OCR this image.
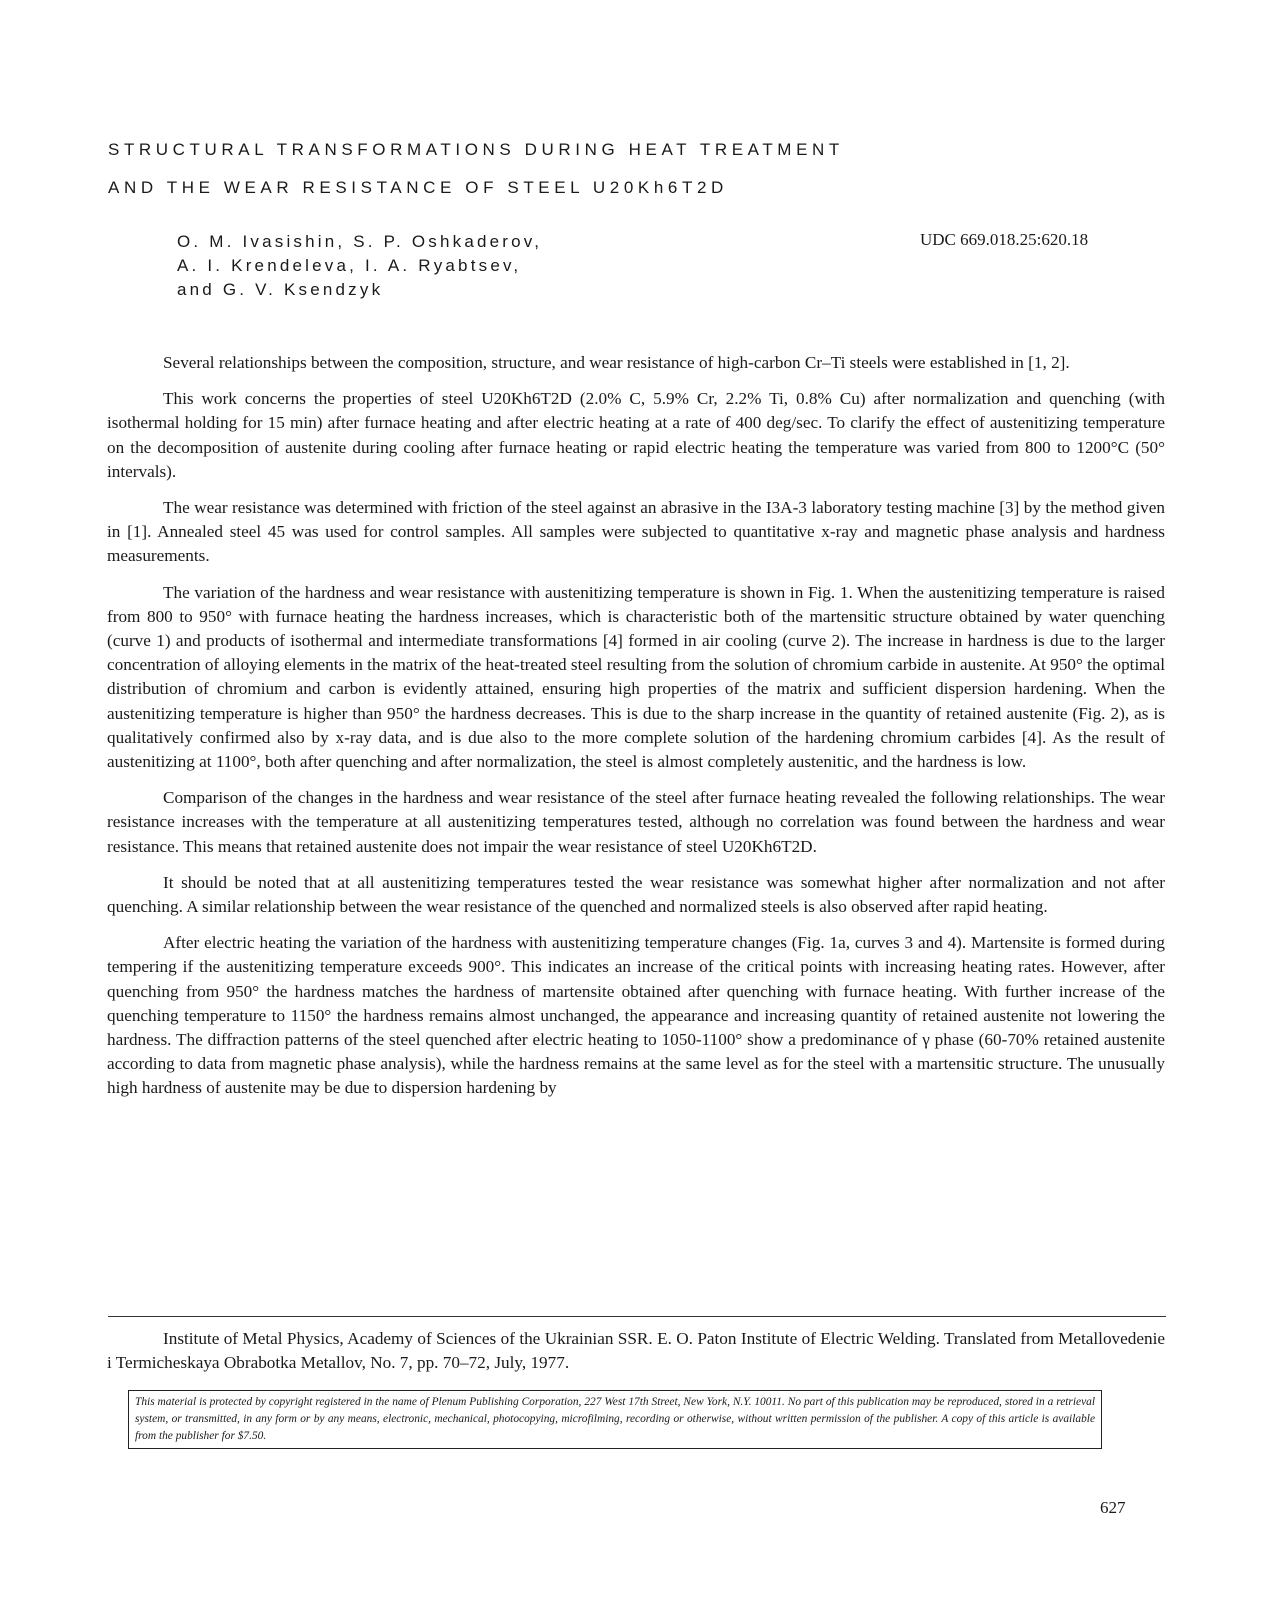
STRUCTURAL TRANSFORMATIONS DURING HEAT TREATMENT
AND THE WEAR RESISTANCE OF STEEL U20Kh6T2D
O. M. Ivasishin, S. P. Oshkaderov,
A. I. Krendeleva, I. A. Ryabtsev,
and G. V. Ksendzyk
UDC 669.018.25:620.18

Several relationships between the composition, structure, and wear resistance of high-carbon Cr–Ti steels were established in [1, 2].

This work concerns the properties of steel U20Kh6T2D (2.0% C, 5.9% Cr, 2.2% Ti, 0.8% Cu) after normalization and quenching (with isothermal holding for 15 min) after furnace heating and after electric heating at a rate of 400 deg/sec. To clarify the effect of austenitizing temperature on the decomposition of austenite during cooling after furnace heating or rapid electric heating the temperature was varied from 800 to 1200°C (50° intervals).

The wear resistance was determined with friction of the steel against an abrasive in the I3A-3 laboratory testing machine [3] by the method given in [1]. Annealed steel 45 was used for control samples. All samples were subjected to quantitative x-ray and magnetic phase analysis and hardness measurements.

The variation of the hardness and wear resistance with austenitizing temperature is shown in Fig. 1. When the austenitizing temperature is raised from 800 to 950° with furnace heating the hardness increases, which is characteristic both of the martensitic structure obtained by water quenching (curve 1) and products of isothermal and intermediate transformations [4] formed in air cooling (curve 2). The increase in hardness is due to the larger concentration of alloying elements in the matrix of the heat-treated steel resulting from the solution of chromium carbide in austenite. At 950° the optimal distribution of chromium and carbon is evidently attained, ensuring high properties of the matrix and sufficient dispersion hardening. When the austenitizing temperature is higher than 950° the hardness decreases. This is due to the sharp increase in the quantity of retained austenite (Fig. 2), as is qualitatively confirmed also by x-ray data, and is due also to the more complete solution of the hardening chromium carbides [4]. As the result of austenitizing at 1100°, both after quenching and after normalization, the steel is almost completely austenitic, and the hardness is low.

Comparison of the changes in the hardness and wear resistance of the steel after furnace heating revealed the following relationships. The wear resistance increases with the temperature at all austenitizing temperatures tested, although no correlation was found between the hardness and wear resistance. This means that retained austenite does not impair the wear resistance of steel U20Kh6T2D.

It should be noted that at all austenitizing temperatures tested the wear resistance was somewhat higher after normalization and not after quenching. A similar relationship between the wear resistance of the quenched and normalized steels is also observed after rapid heating.

After electric heating the variation of the hardness with austenitizing temperature changes (Fig. 1a, curves 3 and 4). Martensite is formed during tempering if the austenitizing temperature exceeds 900°. This indicates an increase of the critical points with increasing heating rates. However, after quenching from 950° the hardness matches the hardness of martensite obtained after quenching with furnace heating. With further increase of the quenching temperature to 1150° the hardness remains almost unchanged, the appearance and increasing quantity of retained austenite not lowering the hardness. The diffraction patterns of the steel quenched after electric heating to 1050-1100° show a predominance of γ phase (60-70% retained austenite according to data from magnetic phase analysis), while the hardness remains at the same level as for the steel with a martensitic structure. The unusually high hardness of austenite may be due to dispersion hardening by

Institute of Metal Physics, Academy of Sciences of the Ukrainian SSR. E. O. Paton Institute of Electric Welding. Translated from Metallovedenie i Termicheskaya Obrabotka Metallov, No. 7, pp. 70–72, July, 1977.
This material is protected by copyright registered in the name of Plenum Publishing Corporation, 227 West 17th Street, New York, N.Y. 10011. No part of this publication may be reproduced, stored in a retrieval system, or transmitted, in any form or by any means, electronic, mechanical, photocopying, microfilming, recording or otherwise, without written permission of the publisher. A copy of this article is available from the publisher for $7.50.
627
